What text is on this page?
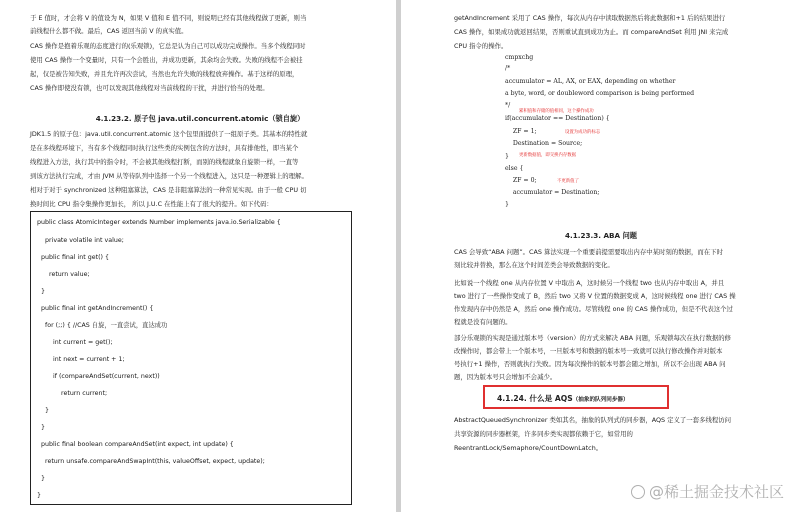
于 E 值时，才会将 V 的值设为 N，如果 V 值和 E 值不同，则说明已经有其他线程做了更新，则当

前线程什么都不做。最后，CAS 返回当前 V 的真实值。

CAS 操作是抱着乐观的态度进行的(乐观锁)，它总是认为自己可以成功完成操作。当多个线程同时

使用 CAS 操作一个变量时，只有一个会胜出，并成功更新，其余均会失败。失败的线程不会被挂

起，仅是被告知失败，并且允许再次尝试，当然也允许失败的线程放弃操作。基于这样的原理，

CAS 操作即使没有锁，也可以发现其他线程对当前线程的干扰，并进行恰当的处理。

4.1.23.2. 原子包 java.util.concurrent.atomic（锁自旋）

JDK1.5 的原子包：java.util.concurrent.atomic 这个包里面提供了一组原子类。其基本的特性就

是在多线程环境下，当有多个线程同时执行这些类的实例包含的方法时，具有排他性，即当某个

线程进入方法，执行其中的指令时，不会被其他线程打断，而别的线程就象自旋锁一样，一直等

到该方法执行完成，才由 JVM 从等待队列中选择一个另一个线程进入，这只是一种逻辑上的理解。

相对于对于 synchronized 这种阻塞算法，CAS 是非阻塞算法的一种常见实现。由于一般 CPU 切

换时间比 CPU 指令集操作更加长， 所以 J.U.C 在性能上有了很大的提升。如下代码：

public class AtomicInteger extends Number implements java.io.Serializable {
private volatile int value;
public final int get() {
return value;
}
public final int getAndIncrement() {
for (;;) { //CAS 自旋，一直尝试，直达成功
int current = get();
int next = current + 1;
if (compareAndSet(current, next))
return current;
}
}
public final boolean compareAndSet(int expect, int update) {
return unsafe.compareAndSwapInt(this, valueOffset, expect, update);
}
}

getAndIncrement 采用了 CAS 操作，每次从内存中读取数据然后将此数据和+1 后的结果进行

CAS 操作，如果成功就返回结果，否则重试直到成功为止。而 compareAndSet 利用 JNI 来完成

CPU 指令的操作。

cmpxchg
/*
accumulator = AL, AX, or EAX, depending on whether
a byte, word, or doubleword comparison is being performed
*/
累积值和存储的值相同，这个操作成功
if(accumulator == Destination) {
ZF = 1;	设置为成功的标志
Destination = Source;
更新数据值，即交换内存数据
}
else {
ZF = 0;	不更新值了
accumulator = Destination;
}

4.1.23.3. ABA 问题

CAS 会导致“ABA 问题”。CAS 算法实现一个重要前提需要取出内存中某时刻的数据，而在下时

刻比较并替换，那么在这个时间差类会导致数据的变化。

比如说一个线程 one 从内存位置 V 中取出 A，这时候另一个线程 two 也从内存中取出 A，并且

two 进行了一些操作变成了 B，然后 two 又将 V 位置的数据变成 A，这时候线程 one 进行 CAS 操

作发现内存中仍然是 A，然后 one 操作成功。尽管线程 one 的 CAS 操作成功，但是不代表这个过

程就是没有问题的。

部分乐观锁的实现是通过版本号（version）的方式来解决 ABA 问题，乐观锁每次在执行数据的修

改操作时，都会带上一个版本号，一旦版本号和数据的版本号一致就可以执行修改操作并对版本

号执行+1 操作，否则就执行失败。因为每次操作的版本号都会随之增加，所以不会出现 ABA 问

题，因为版本号只会增加不会减少。

4.1.24. 什么是 AQS（抽象的队列同步器）

AbstractQueuedSynchronizer 类如其名，抽象的队列式的同步器，AQS 定义了一套多线程访问

共享资源的同步器框架，许多同步类实现都依赖于它，如常用的

ReentrantLock/Semaphore/CountDownLatch。

@稀土掘金技术社区
